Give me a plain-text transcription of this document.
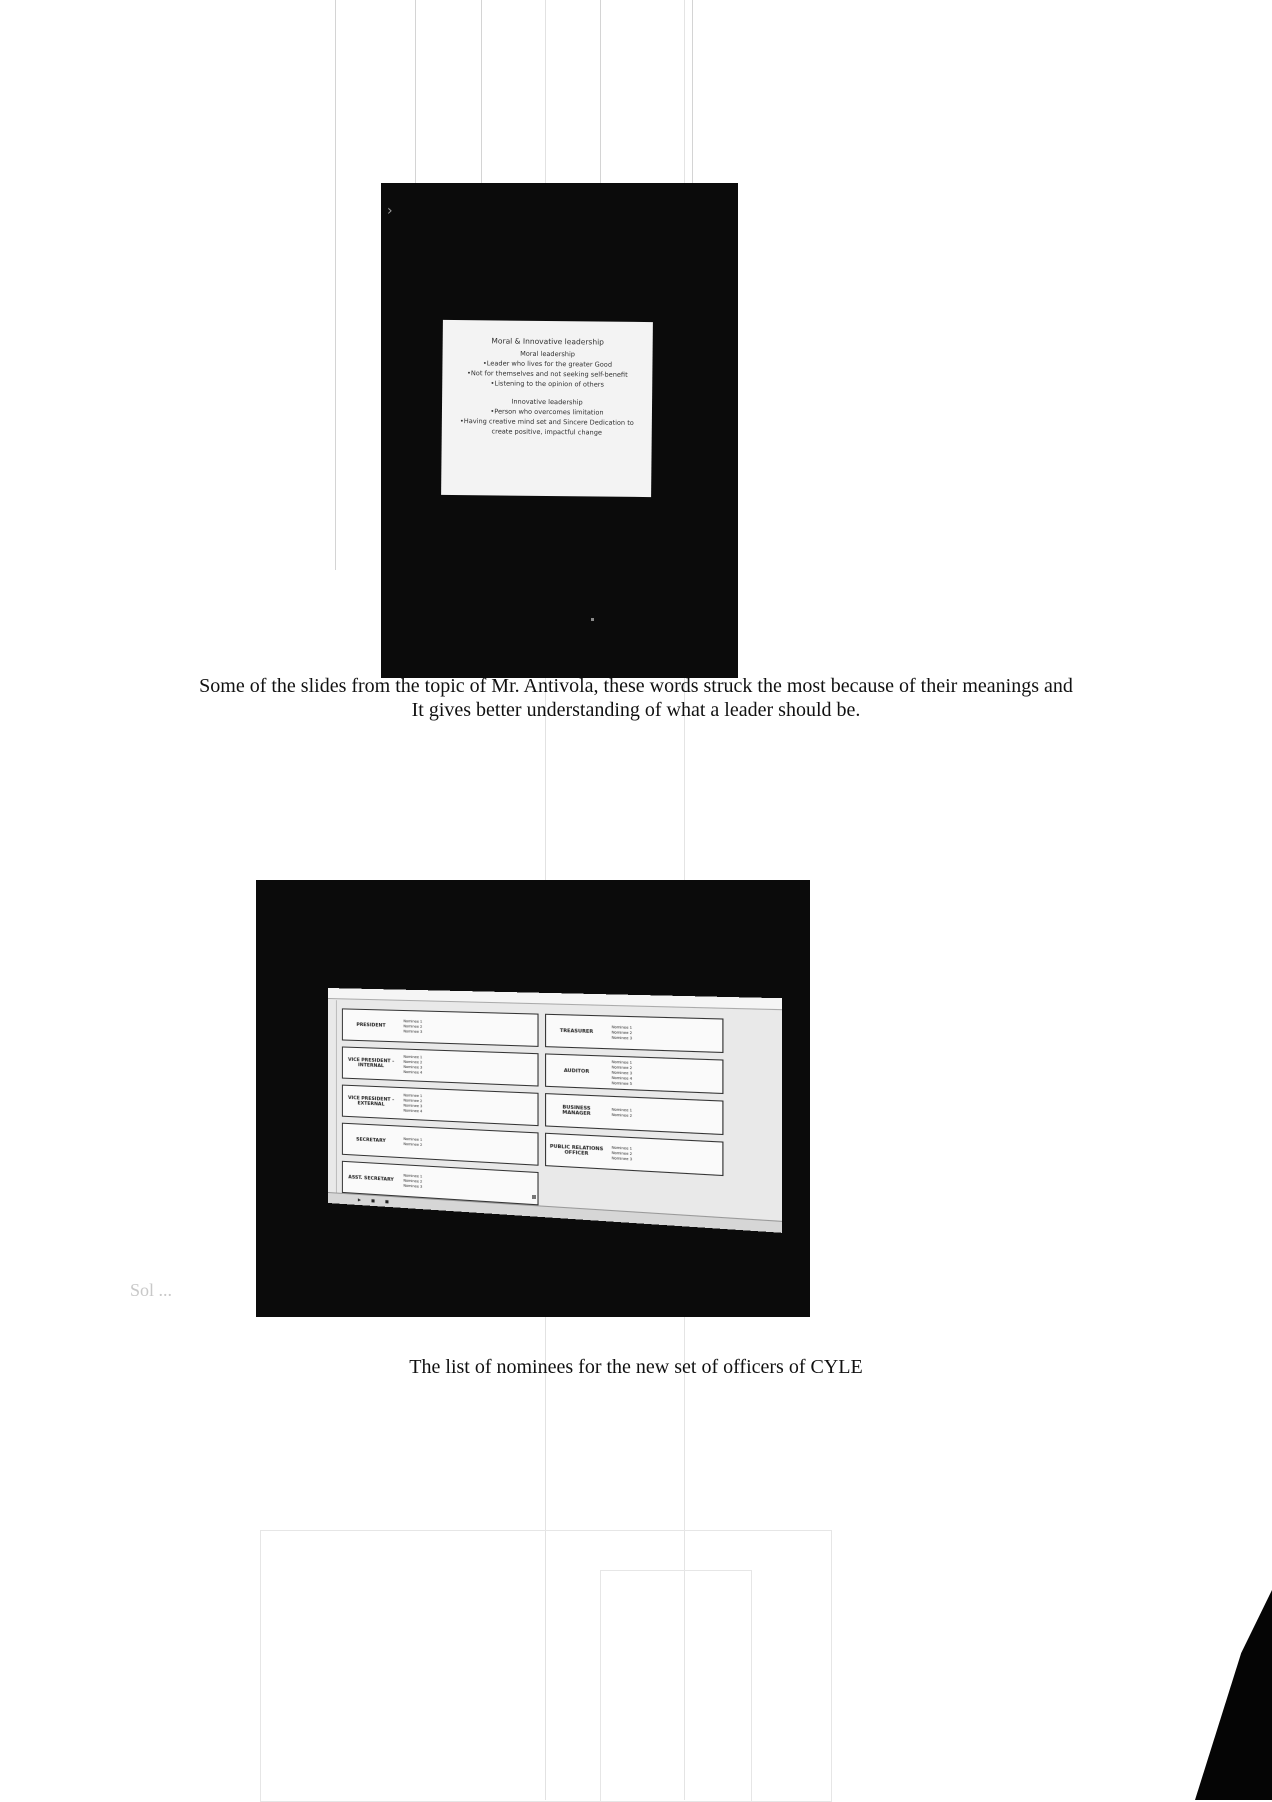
›
Moral & Innovative leadership
Moral leadership
•Leader who lives for the greater Good
•Not for themselves and not seeking self-benefit
•Listening to the opinion of others
Innovative leadership
•Person who overcomes limitation
•Having creative mind set and Sincere Dedication to create positive, impactful change
Some of the slides from the topic of Mr. Antivola, these words struck the most because of their meanings and
It gives better understanding of what a leader should be.
PRESIDENT
Nominee 1
Nominee 2
Nominee 3
VICE PRESIDENT - INTERNAL
Nominee 1
Nominee 2
Nominee 3
Nominee 4
VICE PRESIDENT - EXTERNAL
Nominee 1
Nominee 2
Nominee 3
Nominee 4
SECRETARY	Nominee 1
Nominee 2
ASST. SECRETARY	Nominee 1
Nominee 2
Nominee 3
TREASURER
Nominee 1
Nominee 2
Nominee 3
AUDITOR
Nominee 1
Nominee 2
Nominee 3
Nominee 4
Nominee 5
BUSINESS MANAGER
Nominee 1
Nominee 2
PUBLIC RELATIONS OFFICER
Nominee 1
Nominee 2
Nominee 3
▶	■	■
Sol ...
The list of nominees for the new set of officers of CYLE
